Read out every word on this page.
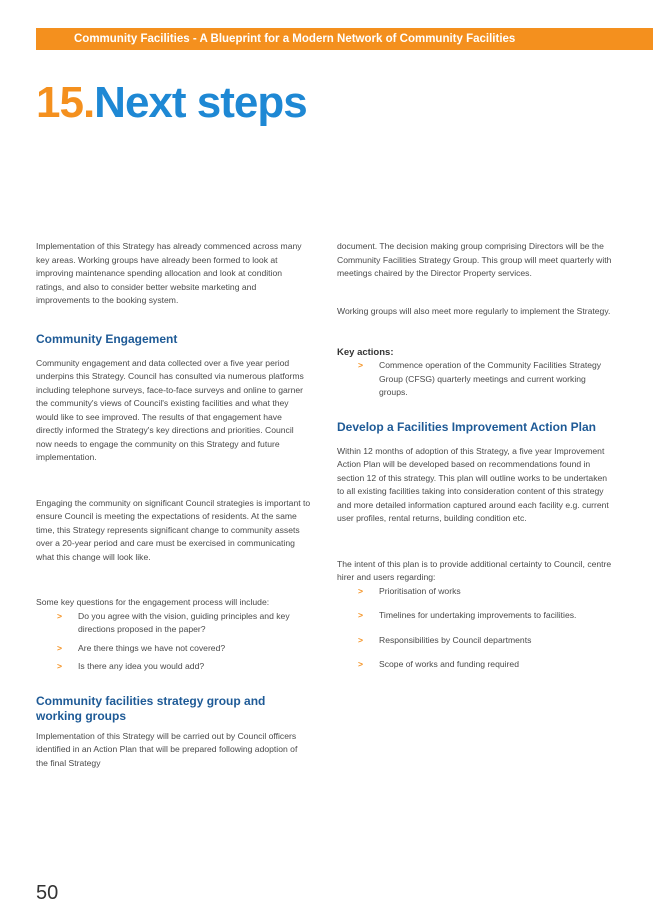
Community Facilities - A Blueprint for a Modern Network of Community Facilities
15.Next steps

Implementation of this Strategy has already commenced across many key areas. Working groups have already been formed to look at improving maintenance spending allocation and look at condition ratings, and also to consider better website marketing and improvements to the booking system.

Community Engagement

Community engagement and data collected over a five year period underpins this Strategy. Council has consulted via numerous platforms including telephone surveys, face-to-face surveys and online to garner the community's views of Council's existing facilities and what they would like to see improved. The results of that engagement have directly informed the Strategy's key directions and priorities. Council now needs to engage the community on this Strategy and future implementation.

Engaging the community on significant Council strategies is important to ensure Council is meeting the expectations of residents. At the same time, this Strategy represents significant change to community assets over a 20-year period and care must be exercised in communicating what this change will look like.

Some key questions for the engagement process will include:

> Do you agree with the vision, guiding principles and key directions proposed in the paper?
> Are there things we have not covered?
> Is there any idea you would add?
Community facilities strategy group and working groups

Implementation of this Strategy will be carried out by Council officers identified in an Action Plan that will be prepared following adoption of the final Strategy

document. The decision making group comprising Directors will be the Community Facilities Strategy Group. This group will meet quarterly with meetings chaired by the Director Property services.

Working groups will also meet more regularly to implement the Strategy.

Key actions:
> Commence operation of the Community Facilities Strategy Group (CFSG) quarterly meetings and current working groups.
Develop a Facilities Improvement Action Plan

Within 12 months of adoption of this Strategy, a five year Improvement Action Plan will be developed based on recommendations found in section 12 of this strategy. This plan will outline works to be undertaken to all existing facilities taking into consideration content of this strategy and more detailed information captured around each facility e.g. current user profiles, rental returns, building condition etc.

The intent of this plan is to provide additional certainty to Council, centre hirer and users regarding:

> Prioritisation of works
> Timelines for undertaking improvements to facilities.
> Responsibilities by Council departments
> Scope of works and funding required
50
